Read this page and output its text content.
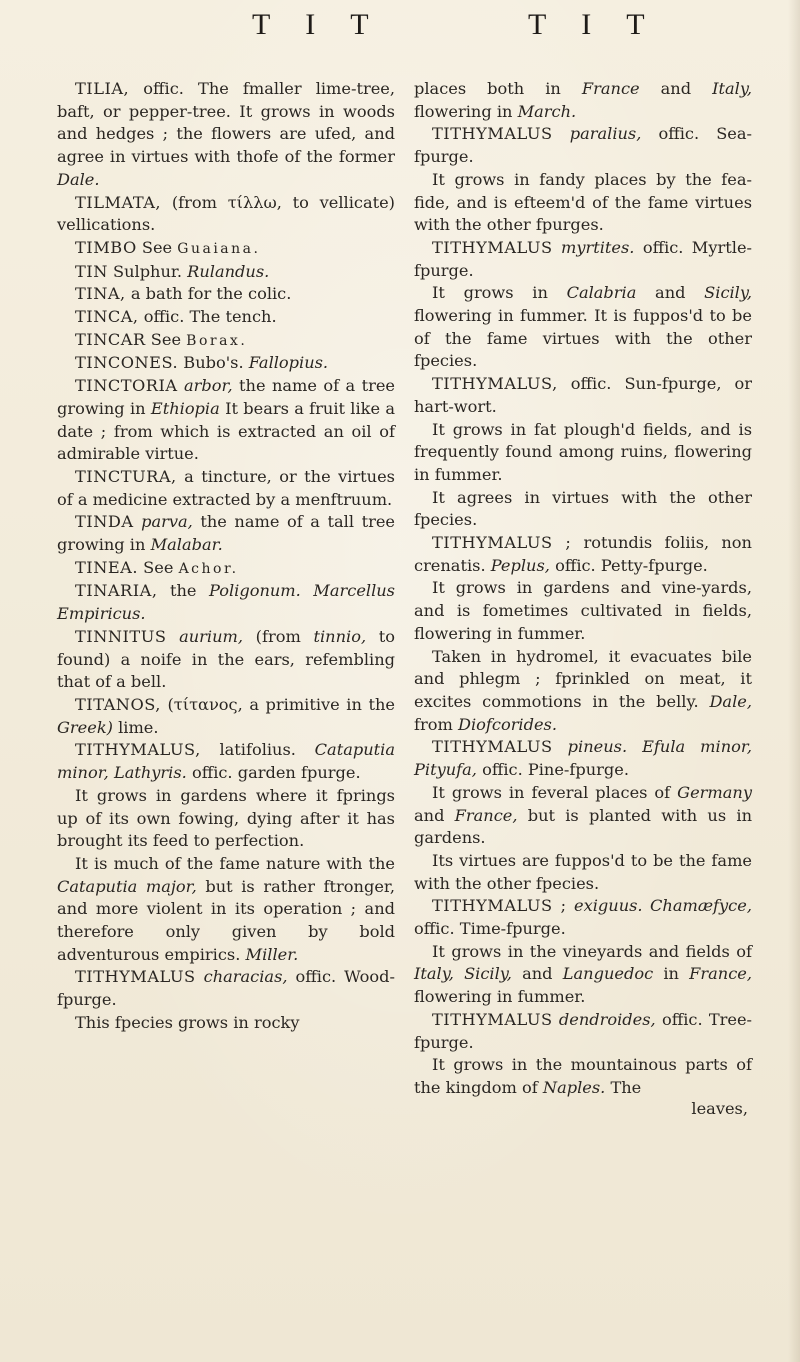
T I T	T I T

TILIA, offic. The fmaller lime-tree, baft, or pepper-tree. It grows in woods and hedges ; the flowers are ufed, and agree in virtues with thofe of the former Dale.

TILMATA, (from τίλλω, to vellicate) vellications.

TIMBO See Guaiana.

TIN Sulphur. Rulandus.

TINA, a bath for the colic.

TINCA, offic. The tench.

TINCAR See Borax.

TINCONES. Bubo's. Fallopius.

TINCTORIA arbor, the name of a tree growing in Ethiopia It bears a fruit like a date ; from which is extracted an oil of admirable virtue.

TINCTURA, a tincture, or the virtues of a medicine extracted by a menftruum.

TINDA parva, the name of a tall tree growing in Malabar.

TINEA. See Achor.

TINARIA, the Poligonum. Marcellus Empiricus.

TINNITUS aurium, (from tinnio, to found) a noife in the ears, refembling that of a bell.

TITANOS, (τίτανος, a primitive in the Greek) lime.

TITHYMALUS, latifolius. Cataputia minor, Lathyris. offic. garden fpurge.

It grows in gardens where it fprings up of its own fowing, dying after it has brought its feed to perfection.

It is much of the fame nature with the Cataputia major, but is rather ftronger, and more violent in its operation ; and therefore only given by bold adventurous empirics. Miller.

TITHYMALUS characias, offic. Wood-fpurge.

This fpecies grows in rocky

places both in France and Italy, flowering in March.

TITHYMALUS paralius, offic. Sea-fpurge.

It grows in fandy places by the fea-fide, and is efteem'd of the fame virtues with the other fpurges.

TITHYMALUS myrtites. offic. Myrtle-fpurge.

It grows in Calabria and Sicily, flowering in fummer. It is fuppos'd to be of the fame virtues with the other fpecies.

TITHYMALUS, offic. Sun-fpurge, or hart-wort.

It grows in fat plough'd fields, and is frequently found among ruins, flowering in fummer.

It agrees in virtues with the other fpecies.

TITHYMALUS ; rotundis foliis, non crenatis. Peplus, offic. Petty-fpurge.

It grows in gardens and vine-yards, and is fometimes cultivated in fields, flowering in fummer.

Taken in hydromel, it evacuates bile and phlegm ; fprinkled on meat, it excites commotions in the belly. Dale, from Diofcorides.

TITHYMALUS pineus. Efula minor, Pityufa, offic. Pine-fpurge.

It grows in feveral places of Germany and France, but is planted with us in gardens.

Its virtues are fuppos'd to be the fame with the other fpecies.

TITHYMALUS ; exiguus. Chamæfyce, offic. Time-fpurge.

It grows in the vineyards and fields of Italy, Sicily, and Languedoc in France, flowering in fummer.

TITHYMALUS dendroides, offic. Tree-fpurge.

It grows in the mountainous parts of the kingdom of Naples. The

leaves,
